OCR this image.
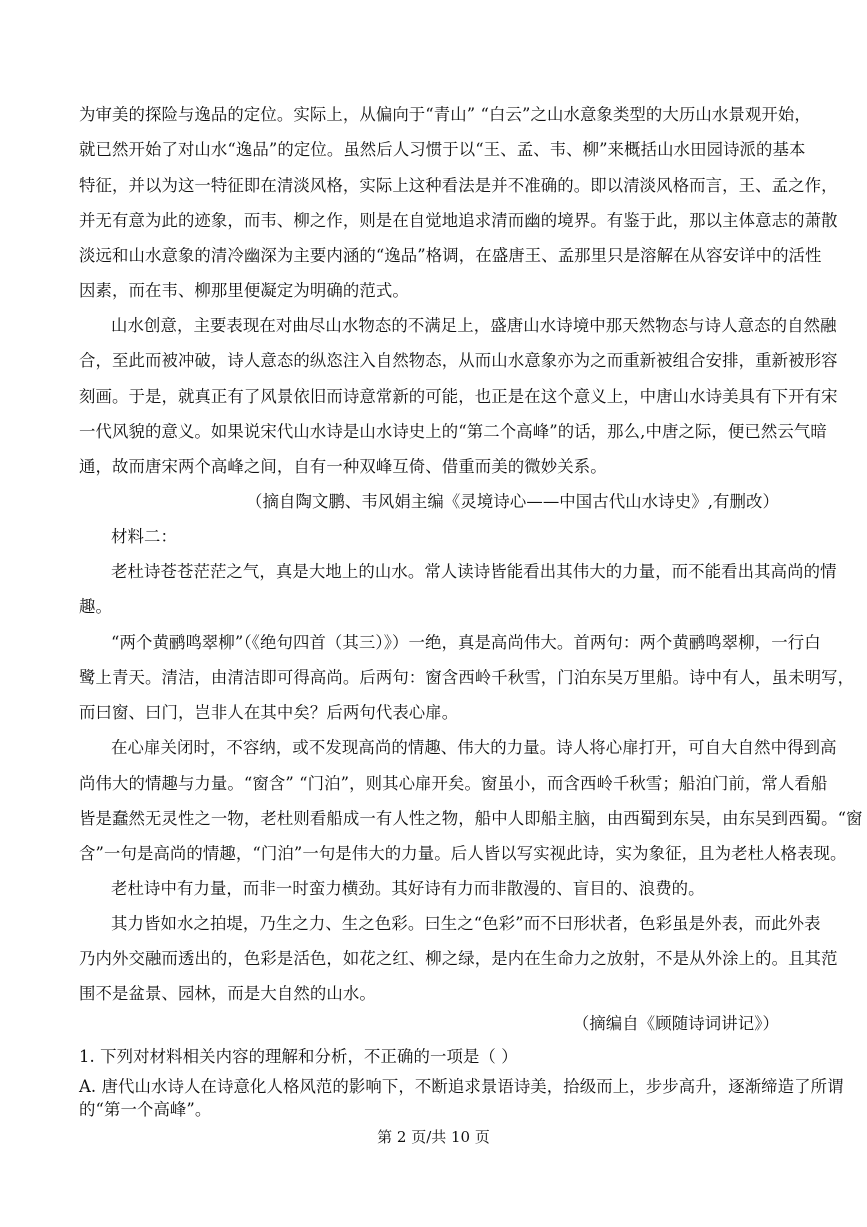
为审美的探险与逸品的定位。实际上，从偏向于“青山” “白云”之山水意象类型的大历山水景观开始，
就已然开始了对山水“逸品”的定位。虽然后人习惯于以“王、孟、韦、柳”来概括山水田园诗派的基本
特征，并以为这一特征即在清淡风格，实际上这种看法是并不准确的。即以清淡风格而言，王、孟之作，
并无有意为此的迹象，而韦、柳之作，则是在自觉地追求清而幽的境界。有鉴于此，那以主体意志的萧散
淡远和山水意象的清冷幽深为主要内涵的“逸品”格调，在盛唐王、孟那里只是溶解在从容安详中的活性
因素，而在韦、柳那里便凝定为明确的范式。
山水创意，主要表现在对曲尽山水物态的不满足上，盛唐山水诗境中那天然物态与诗人意态的自然融
合，至此而被冲破，诗人意态的纵恣注入自然物态，从而山水意象亦为之而重新被组合安排，重新被形容
刻画。于是，就真正有了风景依旧而诗意常新的可能，也正是在这个意义上，中唐山水诗美具有下开有宋
一代风貌的意义。如果说宋代山水诗是山水诗史上的“第二个高峰”的话，那么,中唐之际，便已然云气暗
通，故而唐宋两个高峰之间，自有一种双峰互倚、借重而美的微妙关系。
（摘自陶文鹏、韦风娟主编《灵境诗心——中国古代山水诗史》,有删改）
材料二：
老杜诗苍苍茫茫之气，真是大地上的山水。常人读诗皆能看出其伟大的力量，而不能看出其高尚的情
趣。
“两个黄鹂鸣翠柳”（《绝句四首（其三）》）一绝，真是高尚伟大。首两句：两个黄鹂鸣翠柳，一行白
鹭上青天。清洁，由清洁即可得高尚。后两句：窗含西岭千秋雪，门泊东吴万里船。诗中有人，虽未明写，
而曰窗、曰门，岂非人在其中矣？后两句代表心扉。
在心扉关闭时，不容纳，或不发现高尚的情趣、伟大的力量。诗人将心扉打开，可自大自然中得到高
尚伟大的情趣与力量。“窗含” “门泊”，则其心扉开矣。窗虽小，而含西岭千秋雪；船泊门前，常人看船
皆是蠢然无灵性之一物，老杜则看船成一有人性之物，船中人即船主脑，由西蜀到东吴，由东吴到西蜀。“窗
含”一句是高尚的情趣，“门泊”一句是伟大的力量。后人皆以写实视此诗，实为象征，且为老杜人格表现。
老杜诗中有力量，而非一时蛮力横劲。其好诗有力而非散漫的、盲目的、浪费的。
其力皆如水之拍堤，乃生之力、生之色彩。曰生之“色彩”而不曰形状者，色彩虽是外表，而此外表
乃内外交融而透出的，色彩是活色，如花之红、柳之绿，是内在生命力之放射，不是从外涂上的。且其范
围不是盆景、园林，而是大自然的山水。
（摘编自《顾随诗词讲记》）
1. 下列对材料相关内容的理解和分析，不正确的一项是（ ）
A. 唐代山水诗人在诗意化人格风范的影响下，不断追求景语诗美，拾级而上，步步高升，逐渐缔造了所谓
的“第一个高峰”。
第 2 页/共 10 页
